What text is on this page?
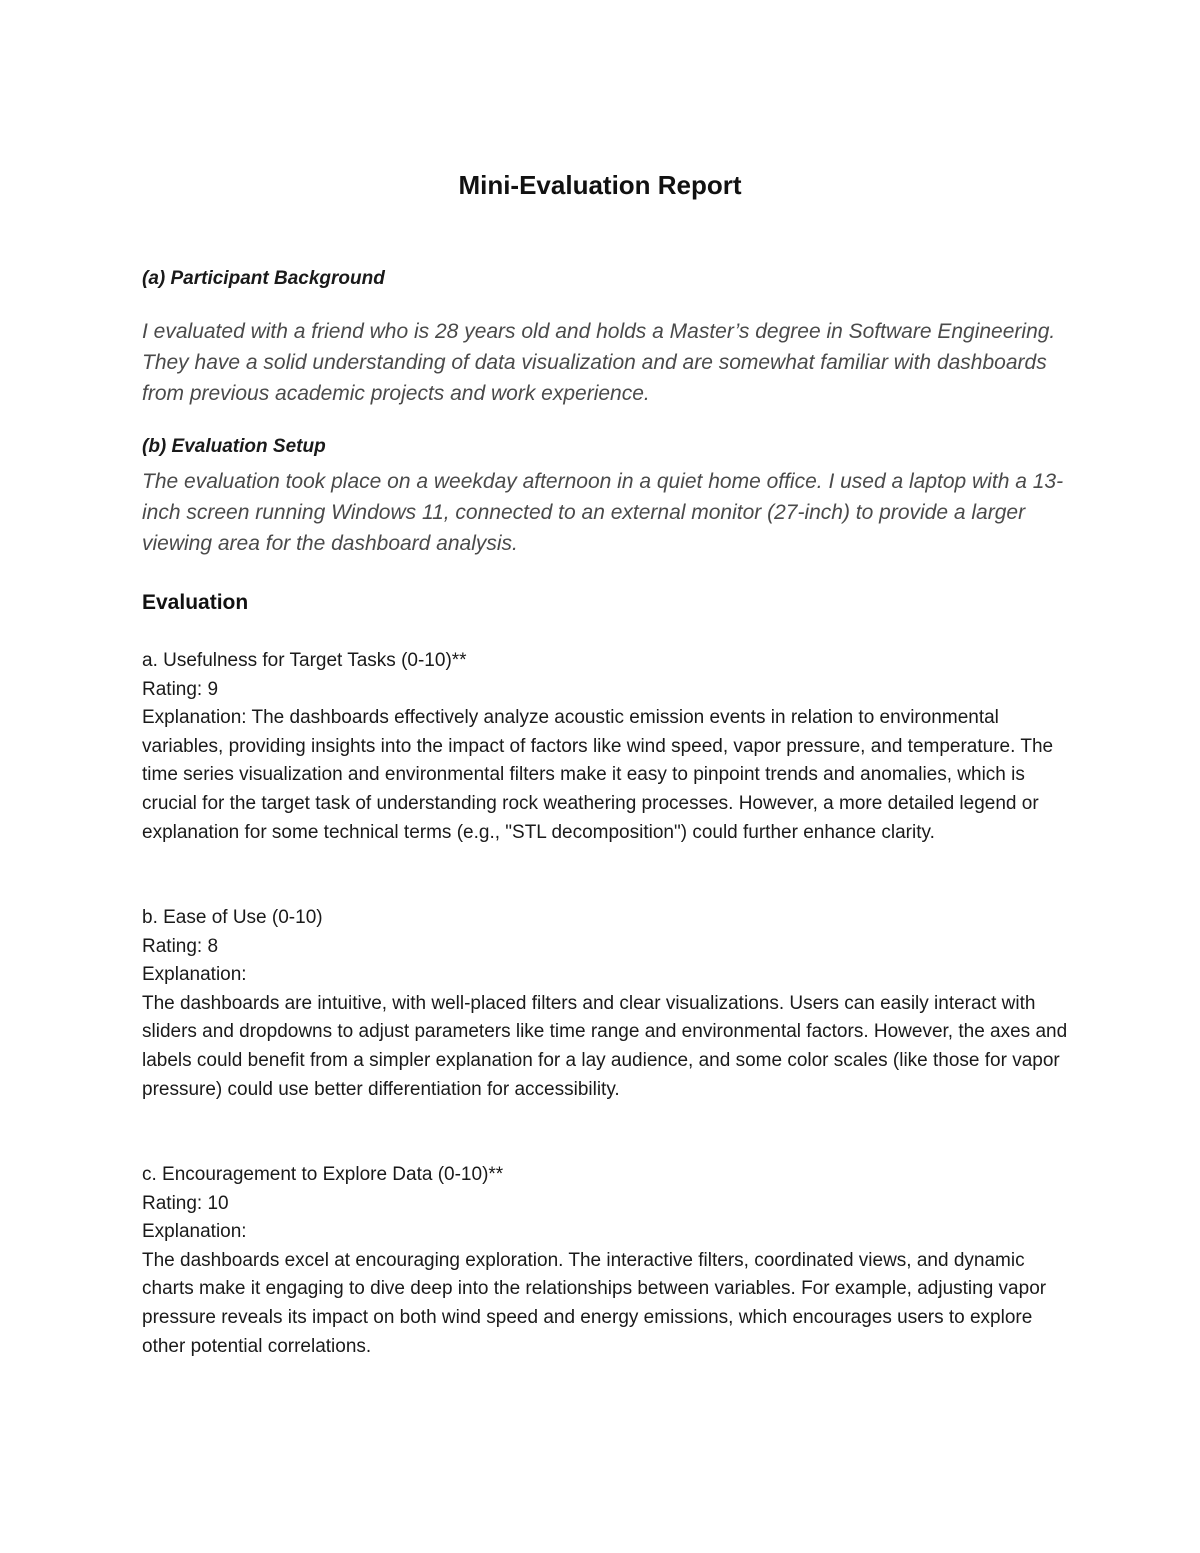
Mini-Evaluation Report
(a) Participant Background

I evaluated with a friend who is 28 years old and holds a Master’s degree in Software Engineering. They have a solid understanding of data visualization and are somewhat familiar with dashboards from previous academic projects and work experience.

(b) Evaluation Setup

The evaluation took place on a weekday afternoon in a quiet home office. I used a laptop with a 13-inch screen running Windows 11, connected to an external monitor (27-inch) to provide a larger viewing area for the dashboard analysis.

Evaluation
a. Usefulness for Target Tasks (0-10)**
Rating: 9
Explanation: The dashboards effectively analyze acoustic emission events in relation to environmental variables, providing insights into the impact of factors like wind speed, vapor pressure, and temperature. The time series visualization and environmental filters make it easy to pinpoint trends and anomalies, which is crucial for the target task of understanding rock weathering processes. However, a more detailed legend or explanation for some technical terms (e.g., "STL decomposition") could further enhance clarity.
b. Ease of Use (0-10)
Rating: 8
Explanation:
The dashboards are intuitive, with well-placed filters and clear visualizations. Users can easily interact with sliders and dropdowns to adjust parameters like time range and environmental factors. However, the axes and labels could benefit from a simpler explanation for a lay audience, and some color scales (like those for vapor pressure) could use better differentiation for accessibility.
c. Encouragement to Explore Data (0-10)**
Rating: 10
Explanation:
The dashboards excel at encouraging exploration. The interactive filters, coordinated views, and dynamic charts make it engaging to dive deep into the relationships between variables. For example, adjusting vapor pressure reveals its impact on both wind speed and energy emissions, which encourages users to explore other potential correlations.
